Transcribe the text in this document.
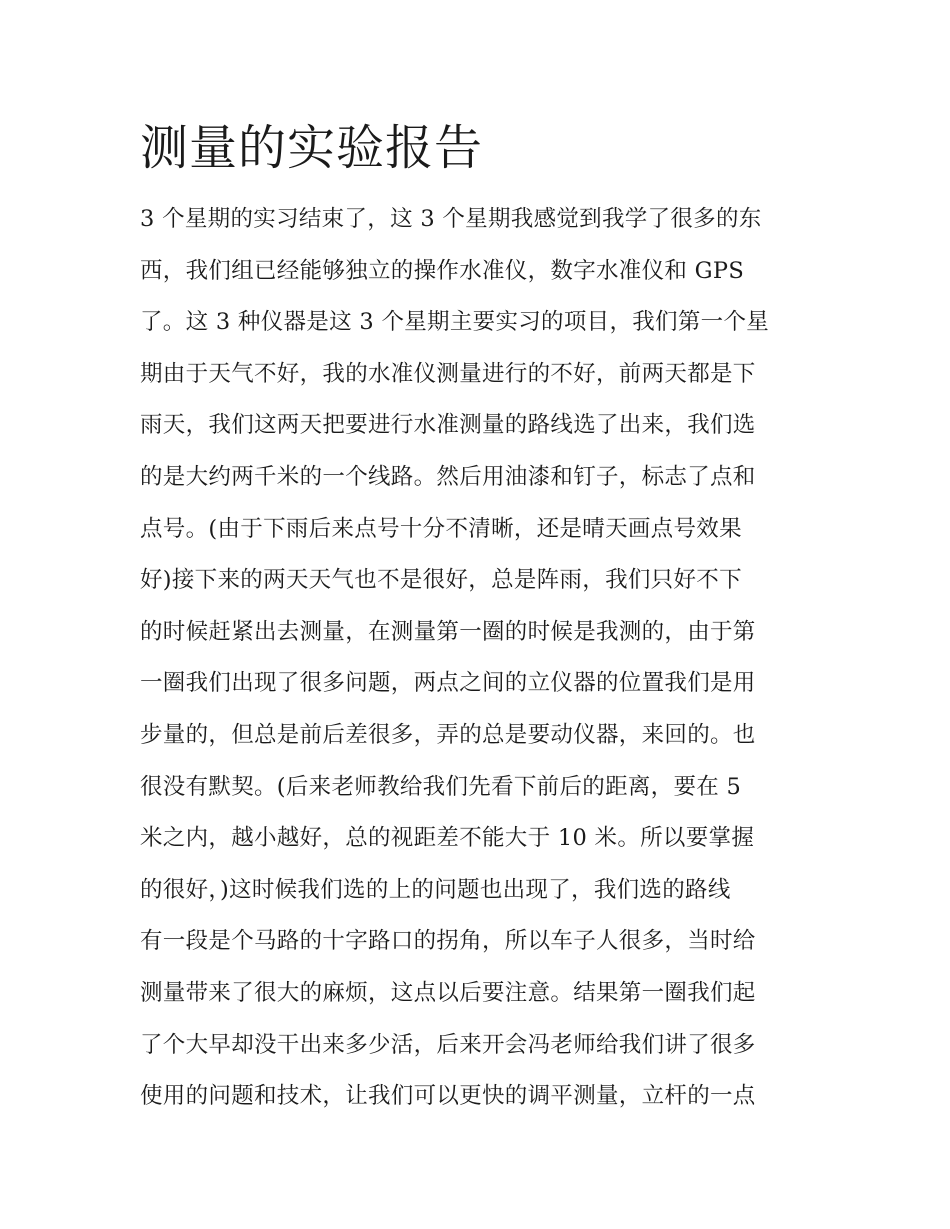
测量的实验报告
3 个星期的实习结束了，这 3 个星期我感觉到我学了很多的东
西，我们组已经能够独立的操作水准仪，数字水准仪和 GPS
了。这 3 种仪器是这 3 个星期主要实习的项目，我们第一个星
期由于天气不好，我的水准仪测量进行的不好，前两天都是下
雨天，我们这两天把要进行水准测量的路线选了出来，我们选
的是大约两千米的一个线路。然后用油漆和钉子，标志了点和
点号。(由于下雨后来点号十分不清晰，还是晴天画点号效果
好)接下来的两天天气也不是很好，总是阵雨，我们只好不下
的时候赶紧出去测量，在测量第一圈的时候是我测的，由于第
一圈我们出现了很多问题，两点之间的立仪器的位置我们是用
步量的，但总是前后差很多，弄的总是要动仪器，来回的。也
很没有默契。(后来老师教给我们先看下前后的距离，要在 5
米之内，越小越好，总的视距差不能大于 10 米。所以要掌握
的很好，)这时候我们选的上的问题也出现了，我们选的路线
有一段是个马路的十字路口的拐角，所以车子人很多，当时给
测量带来了很大的麻烦，这点以后要注意。结果第一圈我们起
了个大早却没干出来多少活，后来开会冯老师给我们讲了很多
使用的问题和技术，让我们可以更快的调平测量，立杆的一点
